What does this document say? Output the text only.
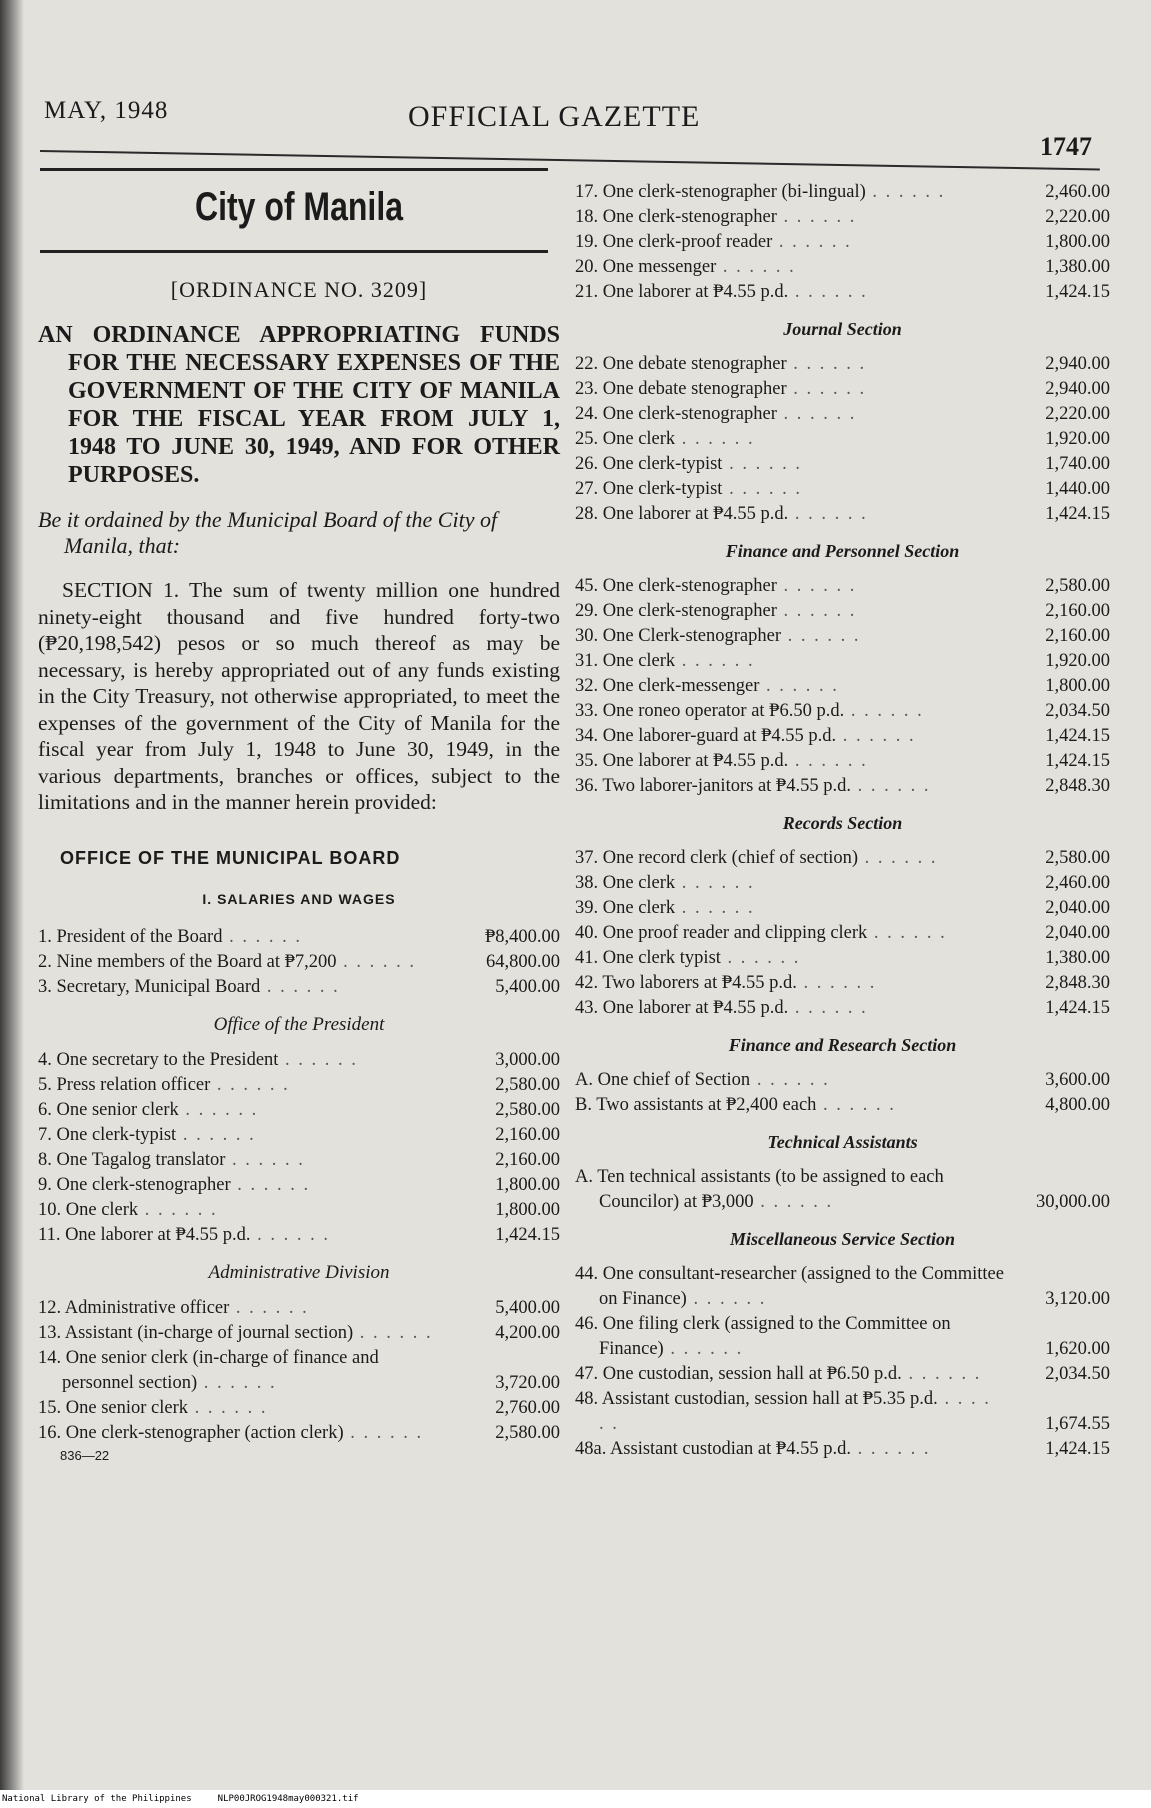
MAY, 1948	OFFICIAL GAZETTE
1747
City of Manila
[ORDINANCE NO. 3209]
AN ORDINANCE APPROPRIATING FUNDS FOR THE NECESSARY EXPENSES OF THE GOVERNMENT OF THE CITY OF MANILA FOR THE FISCAL YEAR FROM JULY 1, 1948 TO JUNE 30, 1949, AND FOR OTHER PURPOSES.
Be it ordained by the Municipal Board of the City of Manila, that:
SECTION 1. The sum of twenty million one hundred ninety-eight thousand and five hundred forty-two (₱20,198,542) pesos or so much thereof as may be necessary, is hereby appropriated out of any funds existing in the City Treasury, not otherwise appropriated, to meet the expenses of the government of the City of Manila for the fiscal year from July 1, 1948 to June 30, 1949, in the various departments, branches or offices, subject to the limitations and in the manner herein provided:
OFFICE OF THE MUNICIPAL BOARD
I. SALARIES AND WAGES
1. President of the Board . . . . . .	₱8,400.00
2. Nine members of the Board at ₱7,200 . . . . . .	64,800.00
3. Secretary, Municipal Board . . . . . .	5,400.00
Office of the President
4. One secretary to the President . . . . . .	3,000.00
5. Press relation officer . . . . . .	2,580.00
6. One senior clerk . . . . . .	2,580.00
7. One clerk-typist . . . . . .	2,160.00
8. One Tagalog translator . . . . . .	2,160.00
9. One clerk-stenographer . . . . . .	1,800.00
10. One clerk . . . . . .	1,800.00
11. One laborer at ₱4.55 p.d. . . . . . .	1,424.15
Administrative Division
12. Administrative officer . . . . . .	5,400.00
13. Assistant (in-charge of journal section) . . . . . .	4,200.00
14. One senior clerk (in-charge of finance and personnel section) . . . . . .	3,720.00
15. One senior clerk . . . . . .	2,760.00
16. One clerk-stenographer (action clerk) . . . . . .	2,580.00
17. One clerk-stenographer (bi-lingual) . . . . . .	2,460.00
18. One clerk-stenographer . . . . . .	2,220.00
19. One clerk-proof reader . . . . . .	1,800.00
20. One messenger . . . . . .	1,380.00
21. One laborer at ₱4.55 p.d. . . . . . .	1,424.15
Journal Section
22. One debate stenographer . . . . . .	2,940.00
23. One debate stenographer . . . . . .	2,940.00
24. One clerk-stenographer . . . . . .	2,220.00
25. One clerk . . . . . .	1,920.00
26. One clerk-typist . . . . . .	1,740.00
27. One clerk-typist . . . . . .	1,440.00
28. One laborer at ₱4.55 p.d. . . . . . .	1,424.15
Finance and Personnel Section
45. One clerk-stenographer . . . . . .	2,580.00
29. One clerk-stenographer . . . . . .	2,160.00
30. One Clerk-stenographer . . . . . .	2,160.00
31. One clerk . . . . . .	1,920.00
32. One clerk-messenger . . . . . .	1,800.00
33. One roneo operator at ₱6.50 p.d. . . . . . .	2,034.50
34. One laborer-guard at ₱4.55 p.d. . . . . . .	1,424.15
35. One laborer at ₱4.55 p.d. . . . . . .	1,424.15
36. Two laborer-janitors at ₱4.55 p.d. . . . . . .	2,848.30
Records Section
37. One record clerk (chief of section) . . . . . .	2,580.00
38. One clerk . . . . . .	2,460.00
39. One clerk . . . . . .	2,040.00
40. One proof reader and clipping clerk . . . . . .	2,040.00
41. One clerk typist . . . . . .	1,380.00
42. Two laborers at ₱4.55 p.d. . . . . . .	2,848.30
43. One laborer at ₱4.55 p.d. . . . . . .	1,424.15
Finance and Research Section
A. One chief of Section . . . . . .	3,600.00
B. Two assistants at ₱2,400 each . . . . . .	4,800.00
Technical Assistants
A. Ten technical assistants (to be assigned to each Councilor) at ₱3,000 . . . . . .	30,000.00
Miscellaneous Service Section
44. One consultant-researcher (assigned to the Committee on Finance) . . . . . .	3,120.00
46. One filing clerk (assigned to the Committee on Finance) . . . . . .	1,620.00
47. One custodian, session hall at ₱6.50 p.d. . . . . . .	2,034.50
48. Assistant custodian, session hall at ₱5.35 p.d. . . . . . .	1,674.55
48a. Assistant custodian at ₱4.55 p.d. . . . . . .	1,424.15
836—22
National Library of the Philippines	NLP00JROG1948may000321.tif
